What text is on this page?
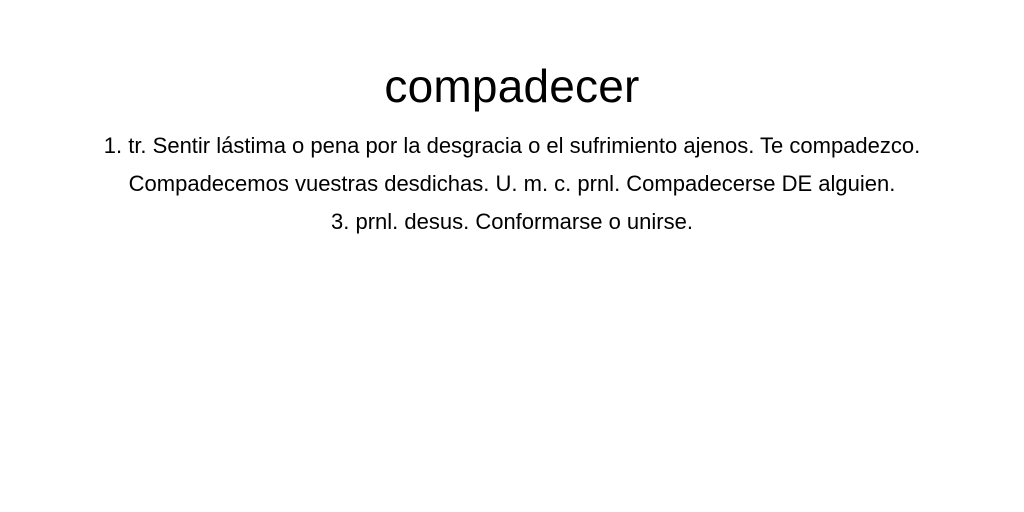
compadecer
1. tr. Sentir lástima o pena por la desgracia o el sufrimiento ajenos. Te compadezco. Compadecemos vuestras desdichas. U. m. c. prnl. Compadecerse DE alguien.
3. prnl. desus. Conformarse o unirse.
